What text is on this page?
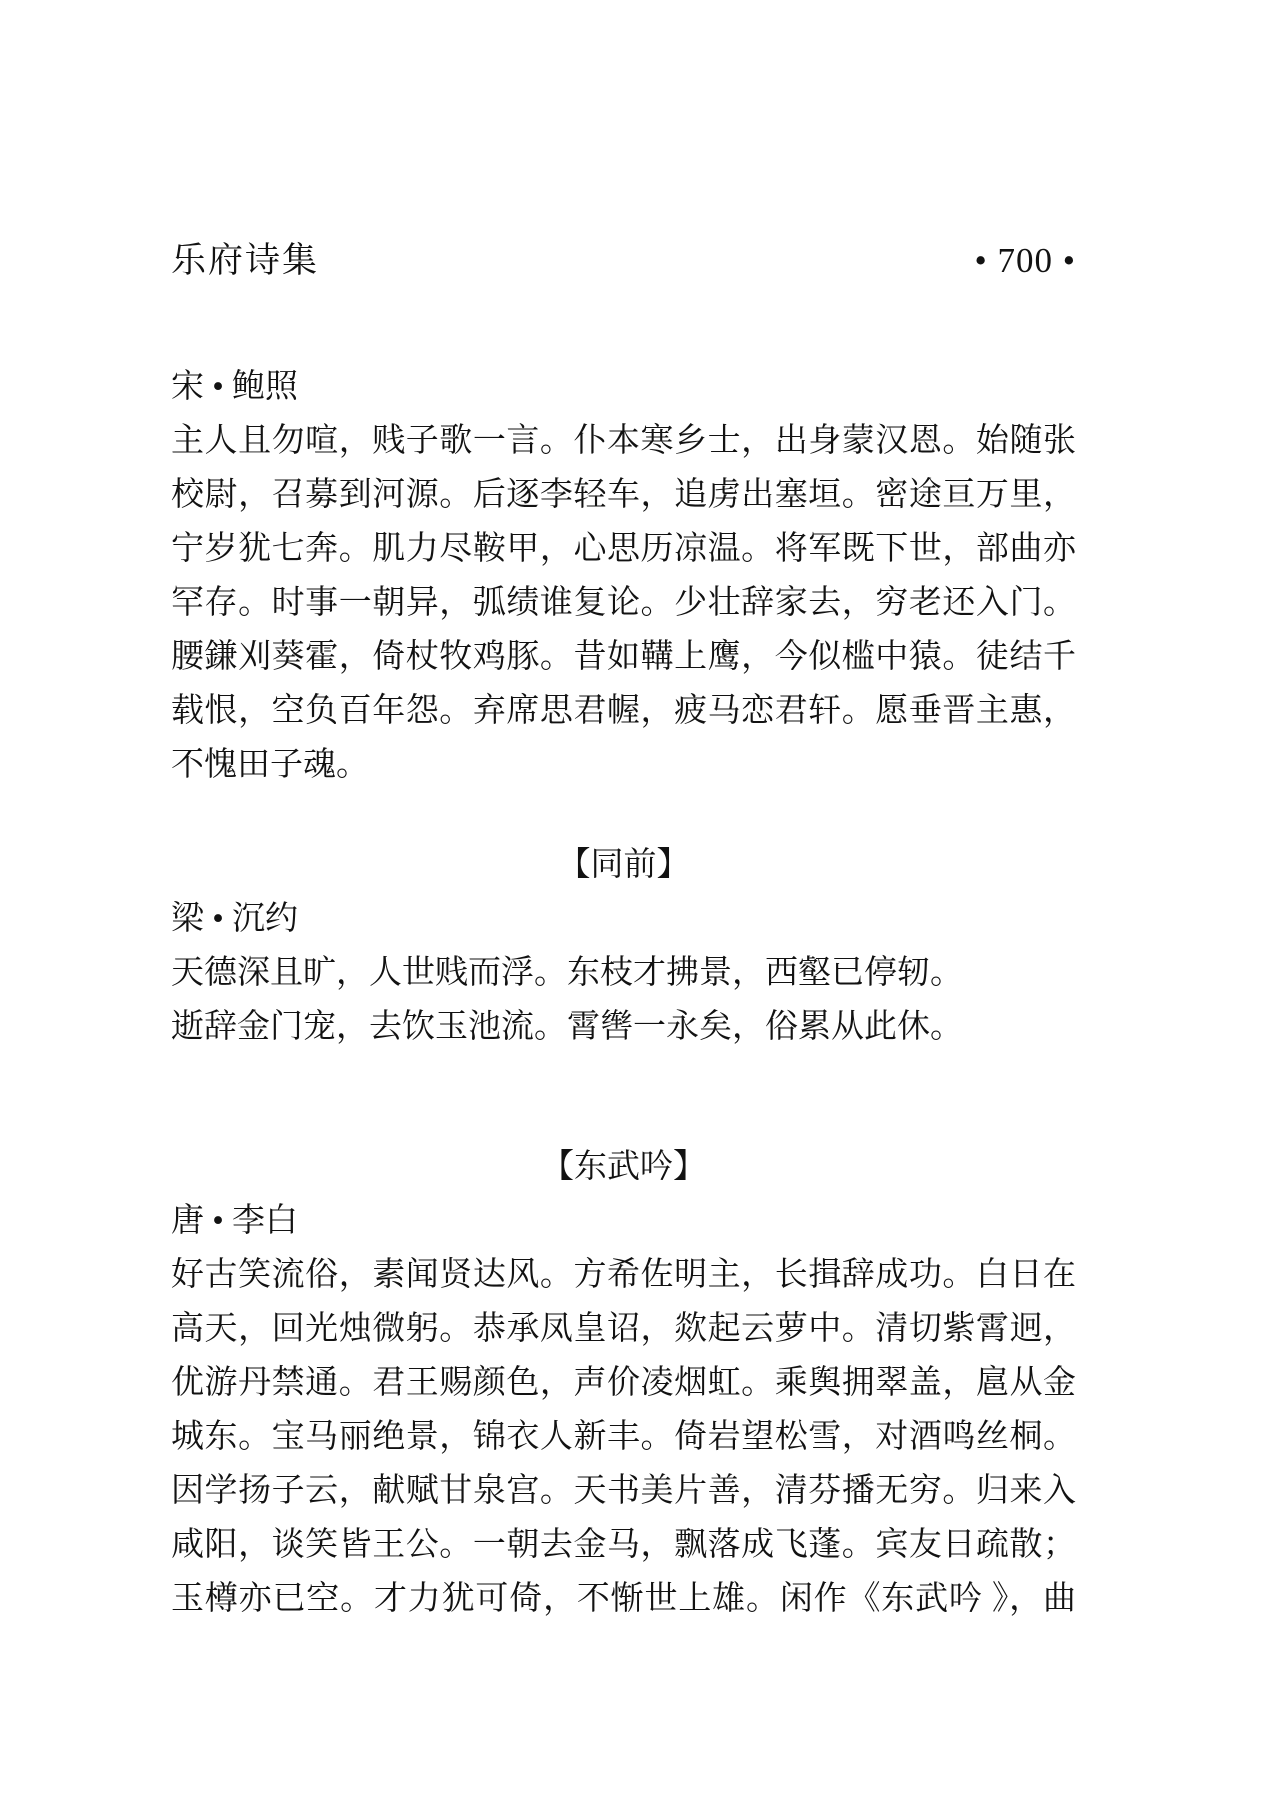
乐府诗集	• 700 •
宋 • 鲍照
主人且勿喧，贱子歌一言。仆本寒乡士，出身蒙汉恩。始随张
校尉，召募到河源。后逐李轻车，追虏出塞垣。密途亘万里，
宁岁犹七奔。肌力尽鞍甲，心思历凉温。将军既下世，部曲亦
罕存。时事一朝异，弧绩谁复论。少壮辞家去，穷老还入门。
腰鎌刈葵霍，倚杖牧鸡豚。昔如鞲上鹰，今似槛中猿。徒结千
载恨，空负百年怨。弃席思君幄，疲马恋君轩。愿垂晋主惠，
不愧田子魂。
【同前】
梁 • 沉约
天德深且旷，人世贱而浮。东枝才拂景，西壑已停轫。
逝辞金门宠，去饮玉池流。霄辔一永矣，俗累从此休。
【东武吟】
唐 • 李白
好古笑流俗，素闻贤达风。方希佐明主，长揖辞成功。白日在
高天，回光烛微躬。恭承凤皇诏，欻起云萝中。清切紫霄迥，
优游丹禁通。君王赐颜色，声价凌烟虹。乘舆拥翠盖，扈从金
城东。宝马丽绝景，锦衣人新丰。倚岩望松雪，对酒鸣丝桐。
因学扬子云，献赋甘泉宫。天书美片善，清芬播无穷。归来入
咸阳，谈笑皆王公。一朝去金马，飘落成飞蓬。宾友日疏散；
玉樽亦已空。才力犹可倚，不惭世上雄。闲作《东武吟 》，曲
